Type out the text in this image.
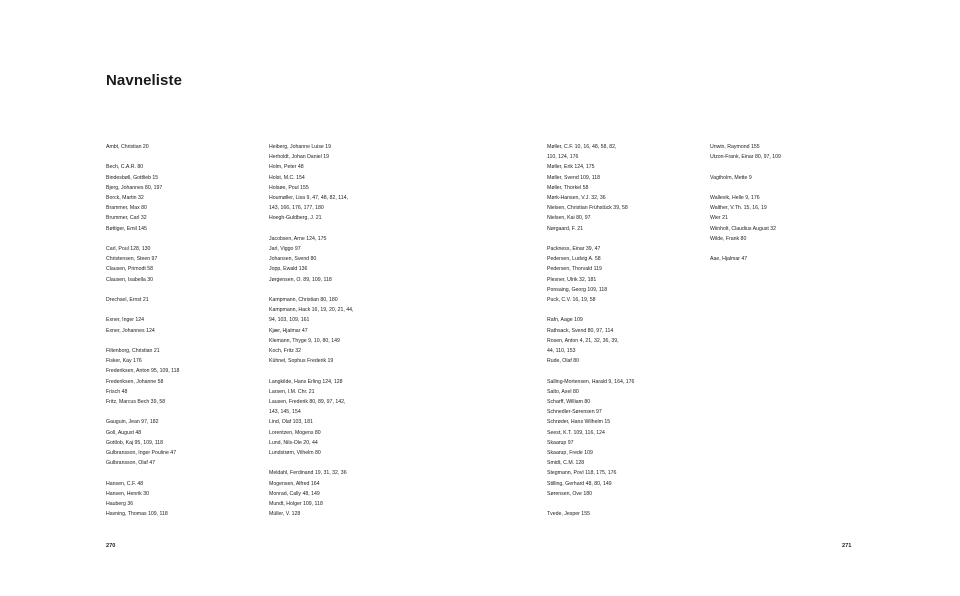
Navneliste
Ambt, Christian 20
Bech, C.A.R. 80
Bindesbøll, Gottlieb 15
Bjerg, Johannes 80, 197
Borck, Martin 32
Brammer, Max 80
Brummer, Carl 32
Bøttiger, Emil 145
Carl, Poul 128, 130
Christensen, Steen 97
Clausen, Primodt 58
Clausen, Isabella 30
Drechsel, Ernst 21
Exner, Inger 124
Exner, Johannes 124
Filtenborg, Christian 21
Fisker, Kay 176
Frederiksen, Anton 95, 109, 118
Frederiksen, Johanne 58
Frisch 48
Fritz, Marcus Bech 39, 58
Gauguin, Jean 97, 182
Goll, August 48
Gottlob, Kaj 95, 109, 118
Gulbransson, Inger Pouline 47
Gulbransson, Olaf 47
Hansen, C.F. 48
Hansen, Henrik 30
Hauberg 36
Havning, Thomas 109, 118
Heiberg, Johanne Luise 19
Herholdt, Johan Daniel 19
Holm, Peter 48
Holst, M.C. 154
Holsøe, Poul 155
Houmøller, Lisa 9, 47, 48, 82, 114,
143, 166, 176, 177, 180
Hoegh-Guldberg, J. 21
Jacobsen, Arne 124, 175
Jarl, Viggo 97
Johansen, Svend 80
Jopp, Ewald 136
Jørgensen, O. 89, 109, 118
Kampmann, Christian 80, 180
Kampmann, Hack 16, 19, 20, 21, 44,
94, 103, 109, 161
Kjær, Hjalmar 47
Klemann, Thyge 9, 10, 80, 149
Koch, Fritz 32
Kühnel, Sophus Frederik 19
Langkilde, Hans Erling 124, 128
Larsen, I.M. Chr. 21
Lausen, Frederik 80, 89, 97, 142,
143, 145, 154
Lind, Olaf 103, 181
Lorentzen, Mogens 80
Lund, Nils-Ole 20, 44
Lundstrøm, Vilhelm 80
Meldahl, Ferdinand 19, 31, 32, 36
Mogensen, Alfred 164
Monrad, Cally 48, 149
Mundt, Holger 109, 118
Müller, V. 128
Møller, C.F. 10, 16, 48, 58, 82,
110, 124, 176
Møller, Erik 124, 175
Møller, Svend 109, 118
Møller, Thorkel 58
Mørk-Hansen, V.J. 32, 36
Nielsen, Christian Frühstück 39, 58
Nielsen, Kai 80, 97
Nørgaard, F. 21
Packness, Einar 39, 47
Pedersen, Ludvig A. 58
Pedersen, Thorvald 119
Plesner, Ulrik 32, 181
Ponsaing, Georg 109, 118
Puck, C.V. 16, 19, 58
Rafn, Aage 109
Rathsack, Svend 80, 97, 114
Rosen, Anton 4, 21, 32, 36, 39,
44, 110, 153
Rude, Olaf 80
Salling-Mortensen, Harald 9, 164, 176
Salto, Axel 80
Scharff, William 80
Schnedler-Sørensen 97
Schrøder, Hans Wilhelm 15
Seest, K.T. 109, 116, 124
Skaarup 97
Skaarup, Frede 109
Smidt, C.M. 128
Stegmann, Povl 118, 175, 176
Stilling, Gerhard 48, 80, 149
Sørensen, Ove 180
Tvede, Jesper 155
Unwin, Raymond 155
Utzon-Frank, Einar 80, 97, 109
Vagtholm, Mette 9
Wallevik, Helle 9, 176
Walther, V.Th. 15, 16, 19
Wier 21
Wiinholt, Claudius August 32
Wilde, Frank 80
Aae, Hjalmar 47
270	271
